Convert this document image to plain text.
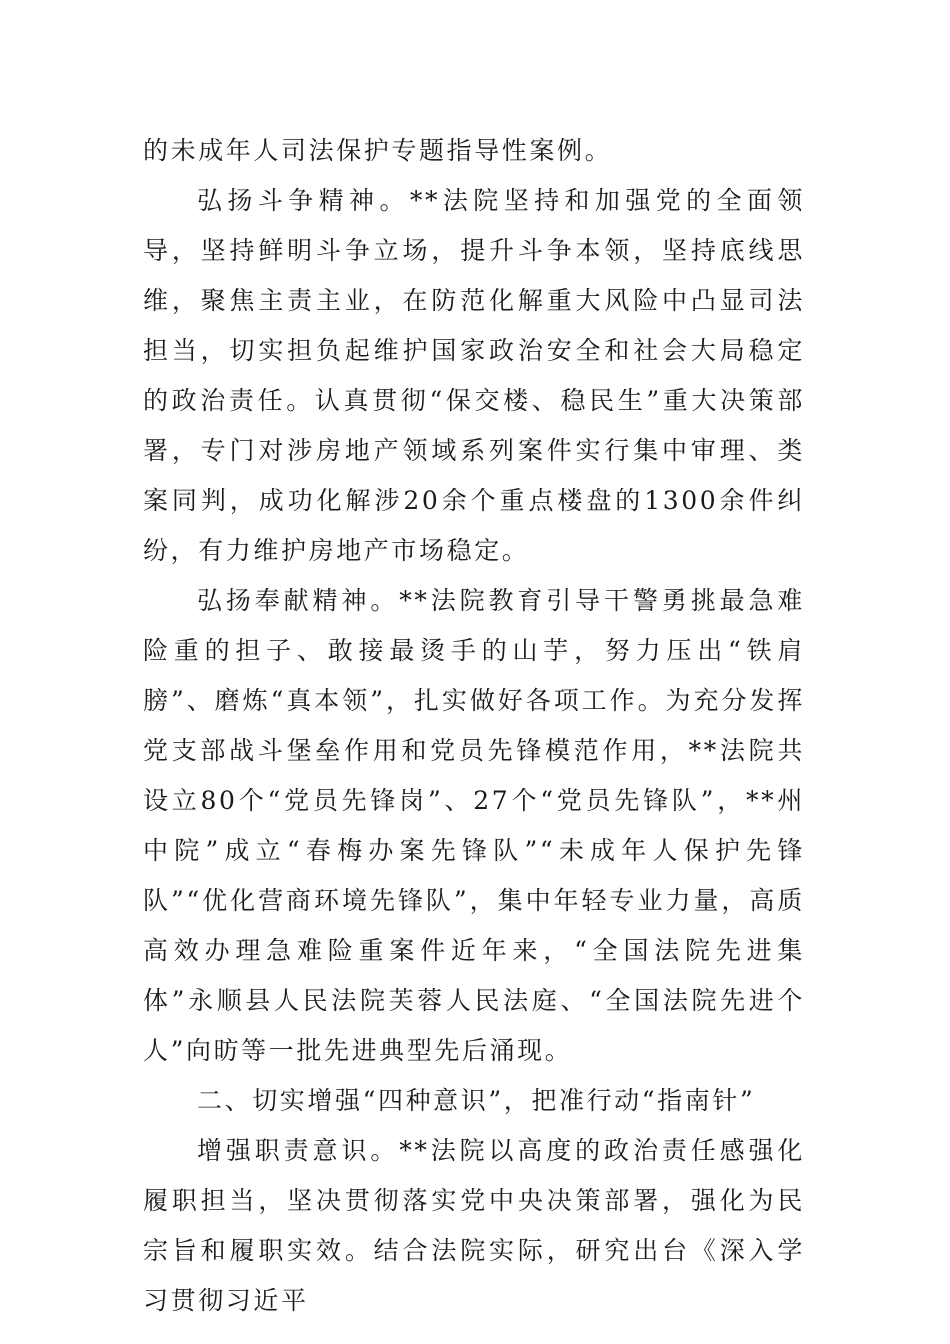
的未成年人司法保护专题指导性案例。

弘扬斗争精神。**法院坚持和加强党的全面领导，坚持鲜明斗争立场，提升斗争本领，坚持底线思维，聚焦主责主业，在防范化解重大风险中凸显司法担当，切实担负起维护国家政治安全和社会大局稳定的政治责任。认真贯彻“保交楼、稳民生”重大决策部署，专门对涉房地产领域系列案件实行集中审理、类案同判，成功化解涉20余个重点楼盘的1300余件纠纷，有力维护房地产市场稳定。

弘扬奉献精神。**法院教育引导干警勇挑最急难险重的担子、敢接最烫手的山芋，努力压出“铁肩膀”、磨炼“真本领”，扎实做好各项工作。为充分发挥党支部战斗堡垒作用和党员先锋模范作用，**法院共设立80个“党员先锋岗”、27个“党员先锋队”，**州中院”成立“春梅办案先锋队”“未成年人保护先锋队”“优化营商环境先锋队”，集中年轻专业力量，高质高效办理急难险重案件近年来，“全国法院先进集体”永顺县人民法院芙蓉人民法庭、“全国法院先进个人”向昉等一批先进典型先后涌现。

二、切实增强“四种意识”，把准行动“指南针”

增强职责意识。**法院以高度的政治责任感强化履职担当，坚决贯彻落实党中央决策部署，强化为民宗旨和履职实效。结合法院实际，研究出台《深入学习贯彻习近平
